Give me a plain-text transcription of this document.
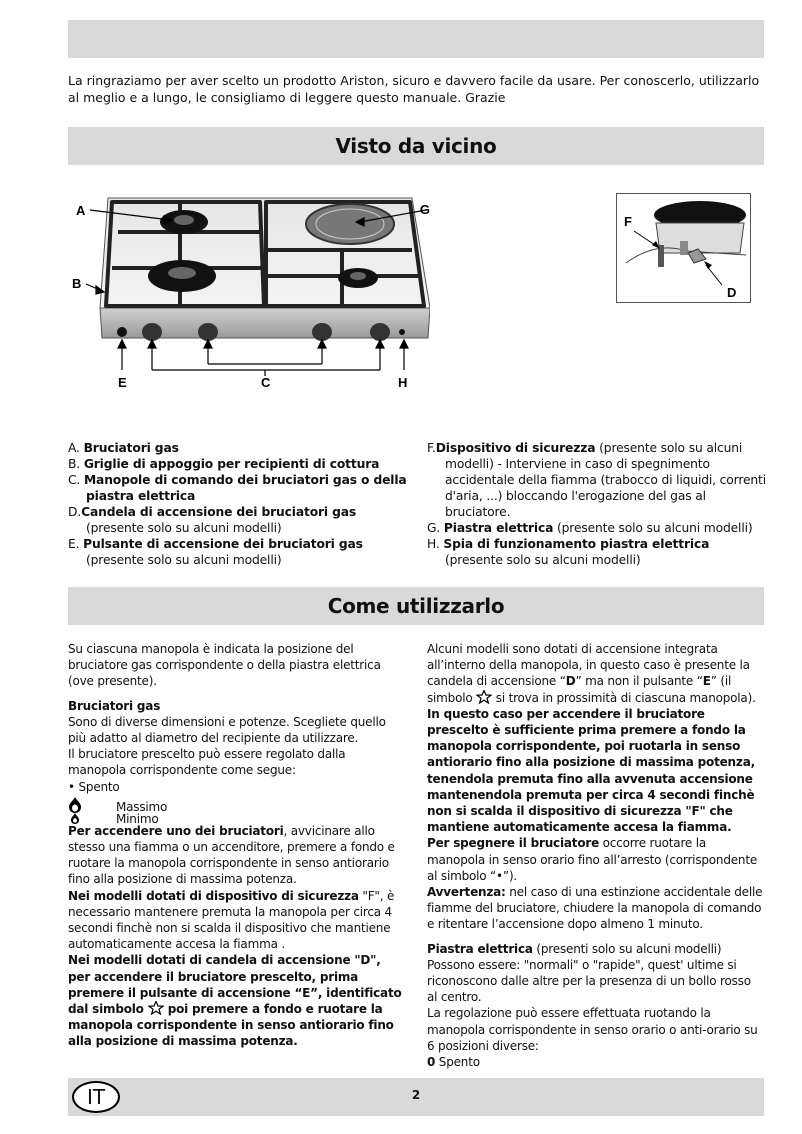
La ringraziamo per aver scelto un prodotto Ariston, sicuro e davvero facile da usare. Per conoscerlo, utilizzarlo al meglio e a lungo, le consigliamo di leggere questo manuale. Grazie
Visto da vicino
A
B
G
E	C	H
F
D

A. Bruciatori gas

B. Griglie di appoggio per recipienti di cottura

C. Manopole di comando dei bruciatori gas o della piastra elettrica

D.Candela di accensione dei bruciatori gas (presente solo su alcuni modelli)

E. Pulsante di accensione dei bruciatori gas (presente solo su alcuni modelli)

F.Dispositivo di sicurezza (presente solo su alcuni modelli) - Interviene in caso di spegnimento accidentale della fiamma (trabocco di liquidi, correnti d'aria, ...) bloccando l'erogazione del gas al bruciatore.

G. Piastra elettrica (presente solo su alcuni modelli)

H. Spia di funzionamento piastra elettrica (presente solo su alcuni modelli)

Come utilizzarlo

Su ciascuna manopola è indicata la posizione del bruciatore gas corrispondente o della piastra elettrica (ove presente).

Bruciatori gas

Sono di diverse dimensioni e potenze. Scegliete quello più adatto al diametro del recipiente da utilizzare.

Il bruciatore prescelto può essere regolato dalla manopola corrispondente come segue:

• Spento

Massimo
Minimo

Per accendere uno dei bruciatori, avvicinare allo stesso una fiamma o un accenditore, premere a fondo e ruotare la manopola corrispondente in senso antiorario fino alla posizione di massima potenza.

Nei modelli dotati di dispositivo di sicurezza "F", è necessario mantenere premuta la manopola per circa 4 secondi finchè non si scalda il dispositivo che mantiene automaticamente accesa la fiamma .

Nei modelli dotati di candela di accensione "D", per accendere il bruciatore prescelto, prima premere il pulsante di accensione “E”, identificato dal simbolo poi premere a fondo e ruotare la manopola corrispondente in senso antiorario fino alla posizione di massima potenza.

Alcuni modelli sono dotati di accensione integrata all’interno della manopola, in questo caso è presente la candela di accensione “D” ma non il pulsante “E” (il simbolo si trova in prossimità di ciascuna manopola).

In questo caso per accendere il bruciatore prescelto è sufficiente prima premere a fondo la manopola corrispondente, poi ruotarla in senso antiorario fino alla posizione di massima potenza, tenendola premuta fino alla avvenuta accensione mantenendola premuta per circa 4 secondi finchè non si scalda il dispositivo di sicurezza "F" che mantiene automaticamente accesa la fiamma.

Per spegnere il bruciatore occorre ruotare la manopola in senso orario fino all’arresto (corrispondente al simbolo “•”).

Avvertenza: nel caso di una estinzione accidentale delle fiamme del bruciatore, chiudere la manopola di comando e ritentare l’accensione dopo almeno 1 minuto.

Piastra elettrica (presenti solo su alcuni modelli)

Possono essere: "normali" o "rapide", quest' ultime si riconoscono dalle altre per la presenza di un bollo rosso al centro.

La regolazione può essere effettuata ruotando la manopola corrispondente in senso orario o anti-orario su 6 posizioni diverse:

0 Spento

IT	2
